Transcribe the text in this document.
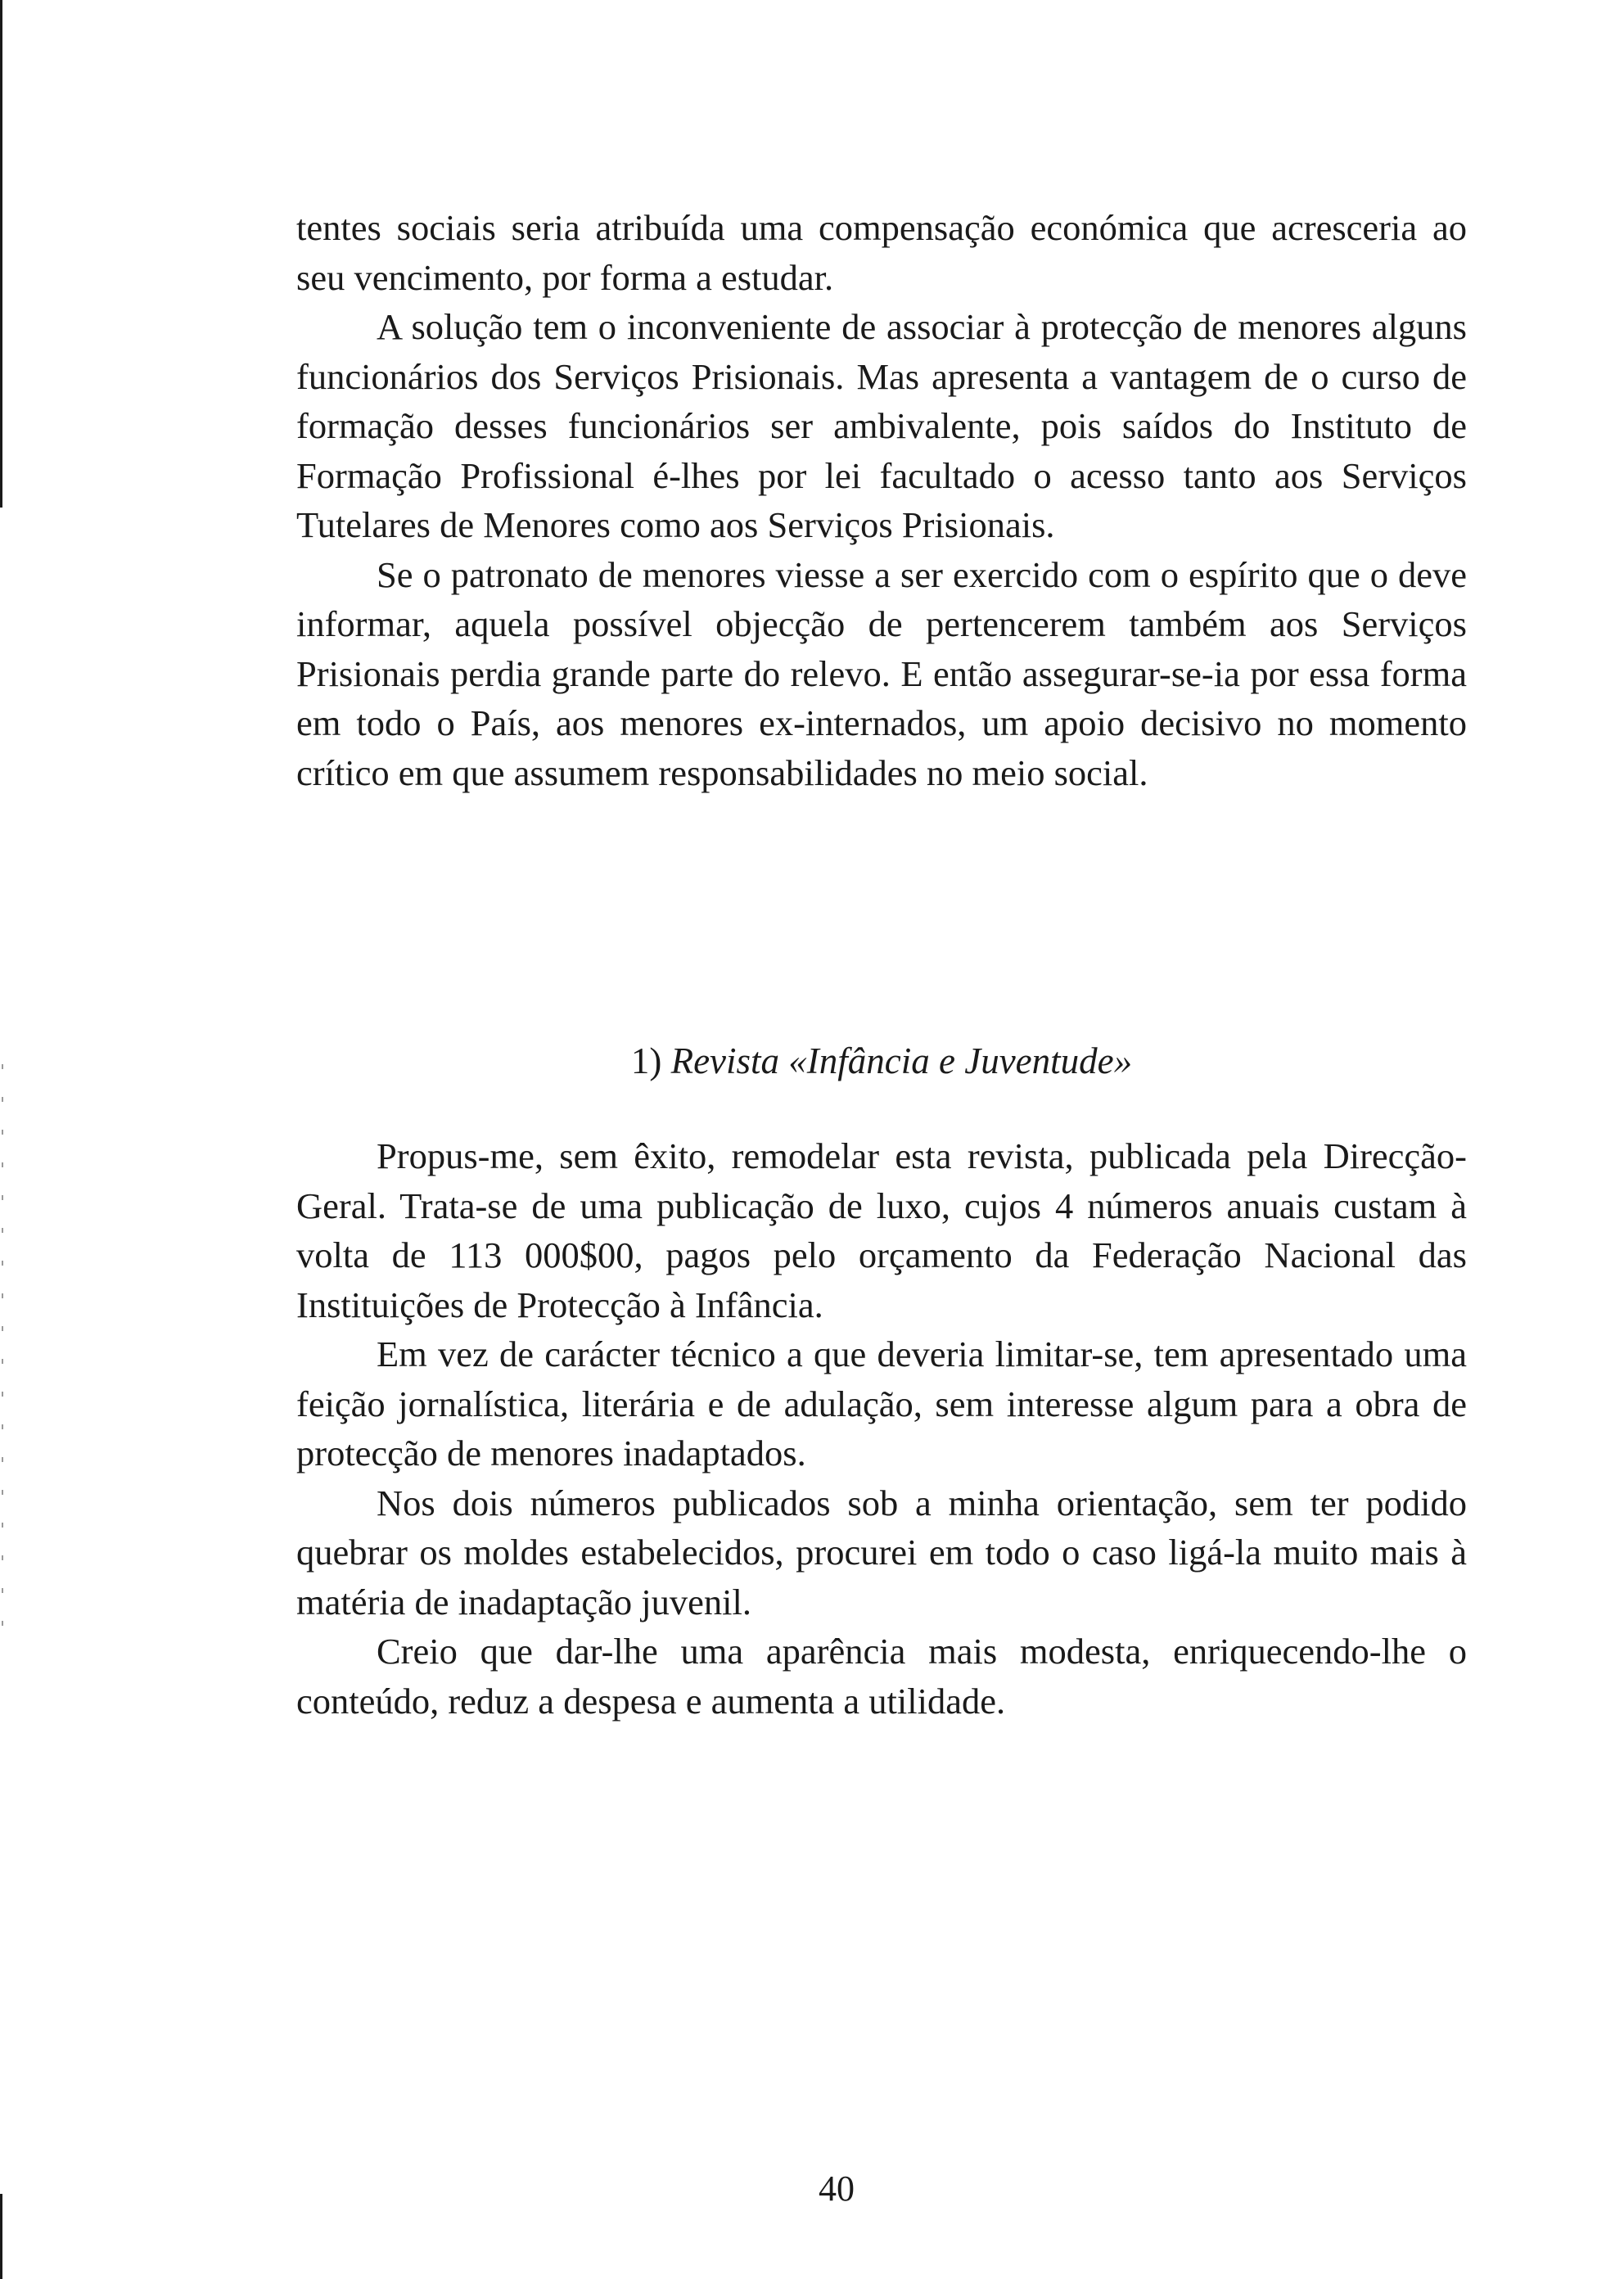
tentes sociais seria atribuída uma compensação económica que acresceria ao seu vencimento, por forma a estudar.

A solução tem o inconveniente de associar à protecção de menores alguns funcionários dos Serviços Prisionais. Mas apresenta a vantagem de o curso de formação desses funcionários ser ambivalente, pois saídos do Instituto de Formação Profissional é-lhes por lei facultado o acesso tanto aos Serviços Tutelares de Menores como aos Serviços Prisionais.

Se o patronato de menores viesse a ser exercido com o espírito que o deve informar, aquela possível objecção de pertencerem também aos Serviços Prisionais perdia grande parte do relevo. E então assegurar-se-ia por essa forma em todo o País, aos menores ex-internados, um apoio decisivo no momento crítico em que assumem responsabilidades no meio social.

1) Revista «Infância e Juventude»

Propus-me, sem êxito, remodelar esta revista, publicada pela Direcção-Geral. Trata-se de uma publicação de luxo, cujos 4 números anuais custam à volta de 113 000$00, pagos pelo orçamento da Federação Nacional das Instituições de Protecção à Infância.

Em vez de carácter técnico a que deveria limitar-se, tem apresentado uma feição jornalística, literária e de adulação, sem interesse algum para a obra de protecção de menores inadaptados.

Nos dois números publicados sob a minha orientação, sem ter podido quebrar os moldes estabelecidos, procurei em todo o caso ligá-la muito mais à matéria de inadaptação juvenil.

Creio que dar-lhe uma aparência mais modesta, enriquecendo-lhe o conteúdo, reduz a despesa e aumenta a utilidade.

40
